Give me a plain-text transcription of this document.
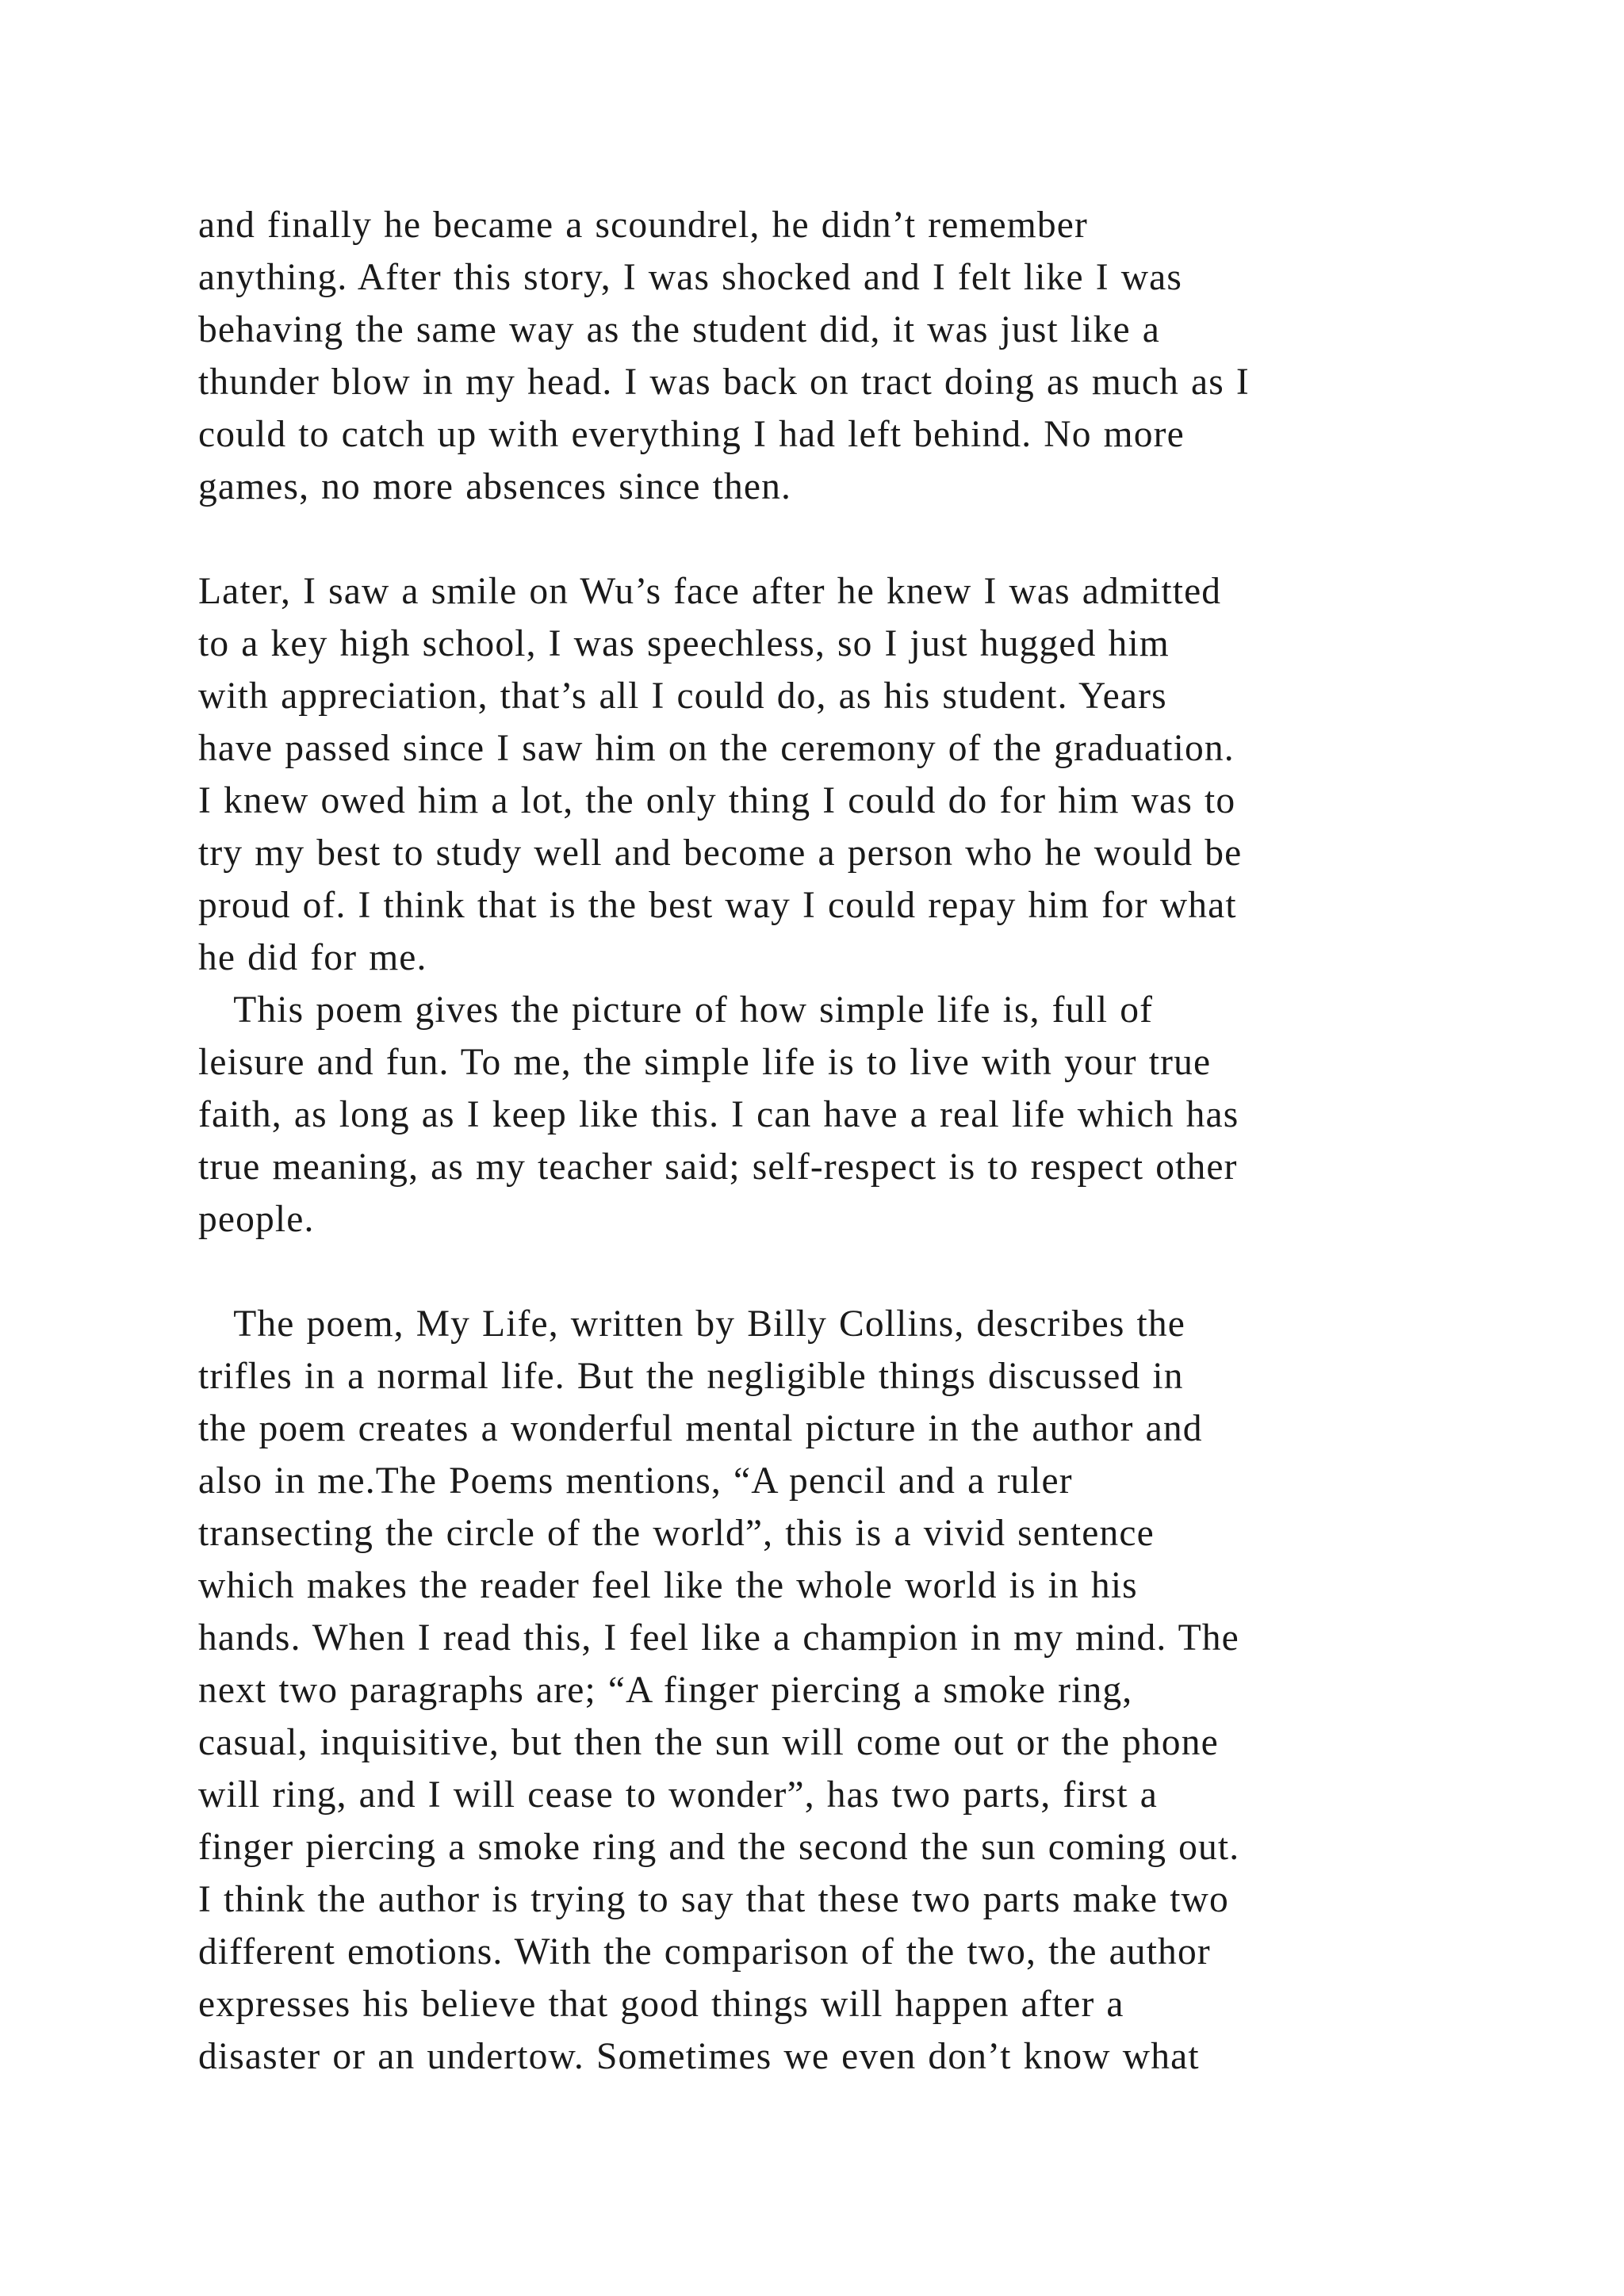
and finally he became a scoundrel, he didn’t remember
anything. After this story, I was shocked and I felt like I was
behaving the same way as the student did, it was just like a
thunder blow in my head. I was back on tract doing as much as I
could to catch up with everything I had left behind. No more
games, no more absences since then.
Later, I saw a smile on Wu’s face after he knew I was admitted
to a key high school, I was speechless, so I just hugged him
with appreciation, that’s all I could do, as his student. Years
have passed since I saw him on the ceremony of the graduation.
I knew owed him a lot, the only thing I could do for him was to
try my best to study well and become a person who he would be
proud of. I think that is the best way I could repay him for what
he did for me.
This poem gives the picture of how simple life is, full of
leisure and fun. To me, the simple life is to live with your true
faith, as long as I keep like this. I can have a real life which has
true meaning, as my teacher said; self-respect is to respect other
people.
The poem, My Life, written by Billy Collins, describes the
trifles in a normal life. But the negligible things discussed in
the poem creates a wonderful mental picture in the author and
also in me.The Poems mentions, “A pencil and a ruler
transecting the circle of the world”, this is a vivid sentence
which makes the reader feel like the whole world is in his
hands. When I read this, I feel like a champion in my mind. The
next two paragraphs are; “A finger piercing a smoke ring,
casual, inquisitive, but then the sun will come out or the phone
will ring, and I will cease to wonder”, has two parts, first a
finger piercing a smoke ring and the second the sun coming out.
I think the author is trying to say that these two parts make two
different emotions. With the comparison of the two, the author
expresses his believe that good things will happen after a
disaster or an undertow. Sometimes we even don’t know what
